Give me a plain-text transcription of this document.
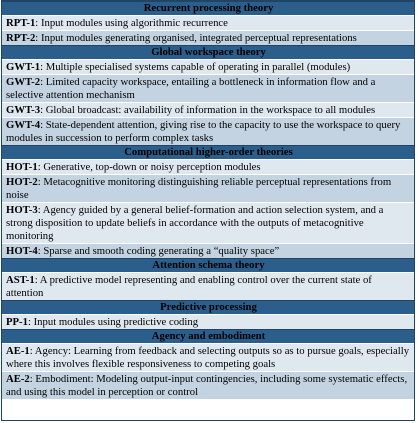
Recurrent processing theory
RPT-1: Input modules using algorithmic recurrence
RPT-2: Input modules generating organised, integrated perceptual representations
Global workspace theory
GWT-1: Multiple specialised systems capable of operating in parallel (modules)
GWT-2: Limited capacity workspace, entailing a bottleneck in information flow and a selective attention mechanism
GWT-3: Global broadcast: availability of information in the workspace to all modules
GWT-4: State-dependent attention, giving rise to the capacity to use the workspace to query modules in succession to perform complex tasks
Computational higher-order theories
HOT-1: Generative, top-down or noisy perception modules
HOT-2: Metacognitive monitoring distinguishing reliable perceptual representations from noise
HOT-3: Agency guided by a general belief-formation and action selection system, and a strong disposition to update beliefs in accordance with the outputs of metacognitive monitoring
HOT-4: Sparse and smooth coding generating a “quality space”
Attention schema theory
AST-1: A predictive model representing and enabling control over the current state of attention
Predictive processing
PP-1: Input modules using predictive coding
Agency and embodiment
AE-1: Agency: Learning from feedback and selecting outputs so as to pursue goals, especially where this involves flexible responsiveness to competing goals
AE-2: Embodiment: Modeling output-input contingencies, including some systematic effects, and using this model in perception or control
